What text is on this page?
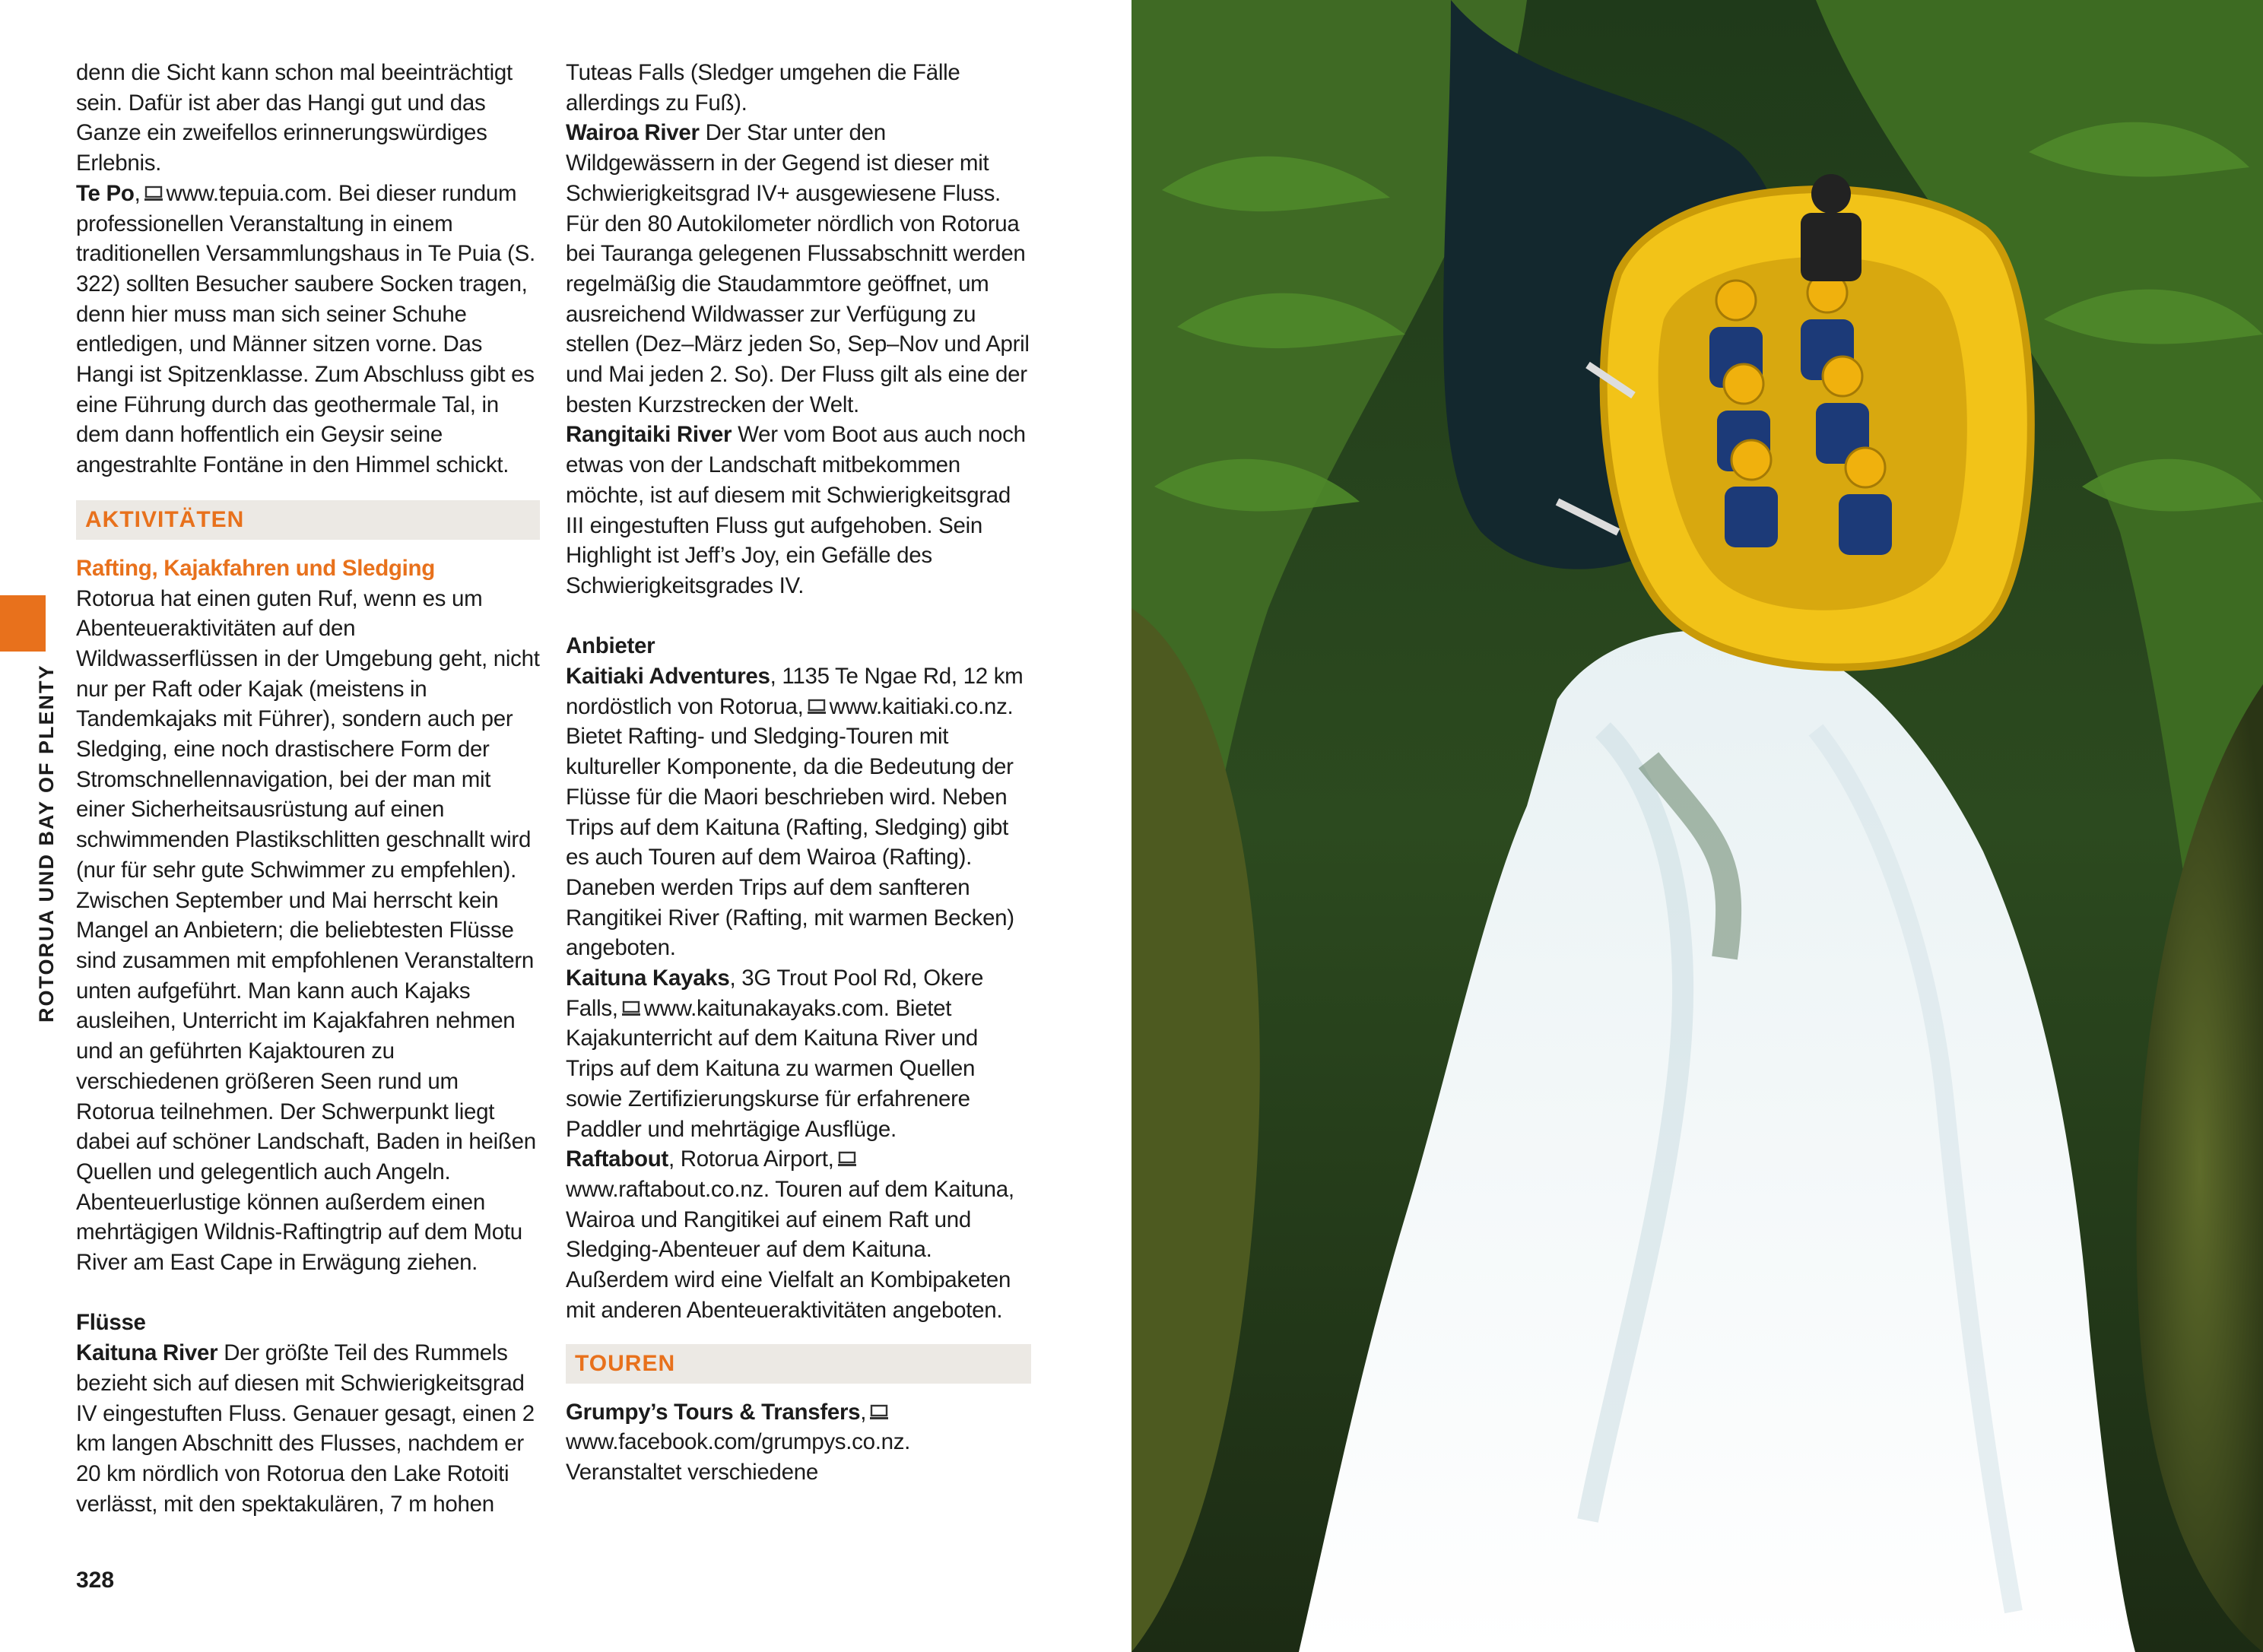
ROTORUA UND BAY OF PLENTY

denn die Sicht kann schon mal beeinträchtigt sein. Dafür ist aber das Hangi gut und das Ganze ein zweifellos erinnerungswürdiges Erlebnis.

Te Po, www.tepuia.com. Bei dieser rundum professionellen Veranstaltung in einem traditionellen Versammlungshaus in Te Puia (S. 322) sollten Besucher saubere Socken tragen, denn hier muss man sich seiner Schuhe entledigen, und Männer sitzen vorne. Das Hangi ist Spitzenklasse. Zum Abschluss gibt es eine Führung durch das geothermale Tal, in dem dann hoffentlich ein Geysir seine angestrahlte Fontäne in den Himmel schickt.

AKTIVITÄTEN

Rafting, Kajakfahren und Sledging

Rotorua hat einen guten Ruf, wenn es um Abenteueraktivitäten auf den Wildwasserflüssen in der Umgebung geht, nicht nur per Raft oder Kajak (meistens in Tandemkajaks mit Führer), sondern auch per Sledging, eine noch drastischere Form der Stromschnellennavigation, bei der man mit einer Sicherheitsausrüstung auf einen schwimmenden Plastikschlitten geschnallt wird (nur für sehr gute Schwimmer zu empfehlen). Zwischen September und Mai herrscht kein Mangel an Anbietern; die beliebtesten Flüsse sind zusammen mit empfohlenen Veranstaltern unten aufgeführt. Man kann auch Kajaks ausleihen, Unterricht im Kajakfahren nehmen und an geführten Kajaktouren zu verschiedenen größeren Seen rund um Rotorua teilnehmen. Der Schwerpunkt liegt dabei auf schöner Landschaft, Baden in heißen Quellen und gelegentlich auch Angeln. Abenteuerlustige können außerdem einen mehrtägigen Wildnis-Raftingtrip auf dem Motu River am East Cape in Erwägung ziehen.

Flüsse

Kaituna River Der größte Teil des Rummels bezieht sich auf diesen mit Schwierigkeitsgrad IV eingestuften Fluss. Genauer gesagt, einen 2 km langen Abschnitt des Flusses, nachdem er 20 km nördlich von Rotorua den Lake Rotoiti verlässt, mit den spektakulären, 7 m hohen

Tuteas Falls (Sledger umgehen die Fälle allerdings zu Fuß).

Wairoa River Der Star unter den Wildgewässern in der Gegend ist dieser mit Schwierigkeitsgrad IV+ ausgewiesene Fluss. Für den 80 Autokilometer nördlich von Rotorua bei Tauranga gelegenen Flussabschnitt werden regelmäßig die Staudammtore geöffnet, um ausreichend Wildwasser zur Verfügung zu stellen (Dez–März jeden So, Sep–Nov und April und Mai jeden 2. So). Der Fluss gilt als eine der besten Kurzstrecken der Welt.

Rangitaiki River Wer vom Boot aus auch noch etwas von der Landschaft mitbekommen möchte, ist auf diesem mit Schwierigkeitsgrad III eingestuften Fluss gut aufgehoben. Sein Highlight ist Jeff’s Joy, ein Gefälle des Schwierigkeitsgrades IV.

Anbieter

Kaitiaki Adventures, 1135 Te Ngae Rd, 12 km nordöstlich von Rotorua, www.kaitiaki.co.nz. Bietet Rafting- und Sledging-Touren mit kultureller Komponente, da die Bedeutung der Flüsse für die Maori beschrieben wird. Neben Trips auf dem Kaituna (Rafting, Sledging) gibt es auch Touren auf dem Wairoa (Rafting). Daneben werden Trips auf dem sanfteren Rangitikei River (Rafting, mit warmen Becken) angeboten.

Kaituna Kayaks, 3G Trout Pool Rd, Okere Falls, www.kaitunakayaks.com. Bietet Kajakunterricht auf dem Kaituna River und Trips auf dem Kaituna zu warmen Quellen sowie Zertifizierungskurse für erfahrenere Paddler und mehrtägige Ausflüge.

Raftabout, Rotorua Airport,www.raftabout.co.nz. Touren auf dem Kaituna, Wairoa und Rangitikei auf einem Raft und Sledging-Abenteuer auf dem Kaituna. Außerdem wird eine Vielfalt an Kombipaketen mit anderen Abenteueraktivitäten angeboten.

TOUREN

Grumpy’s Tours & Transfers,www.facebook.com/grumpys.co.nz. Veranstaltet verschiedene

328
